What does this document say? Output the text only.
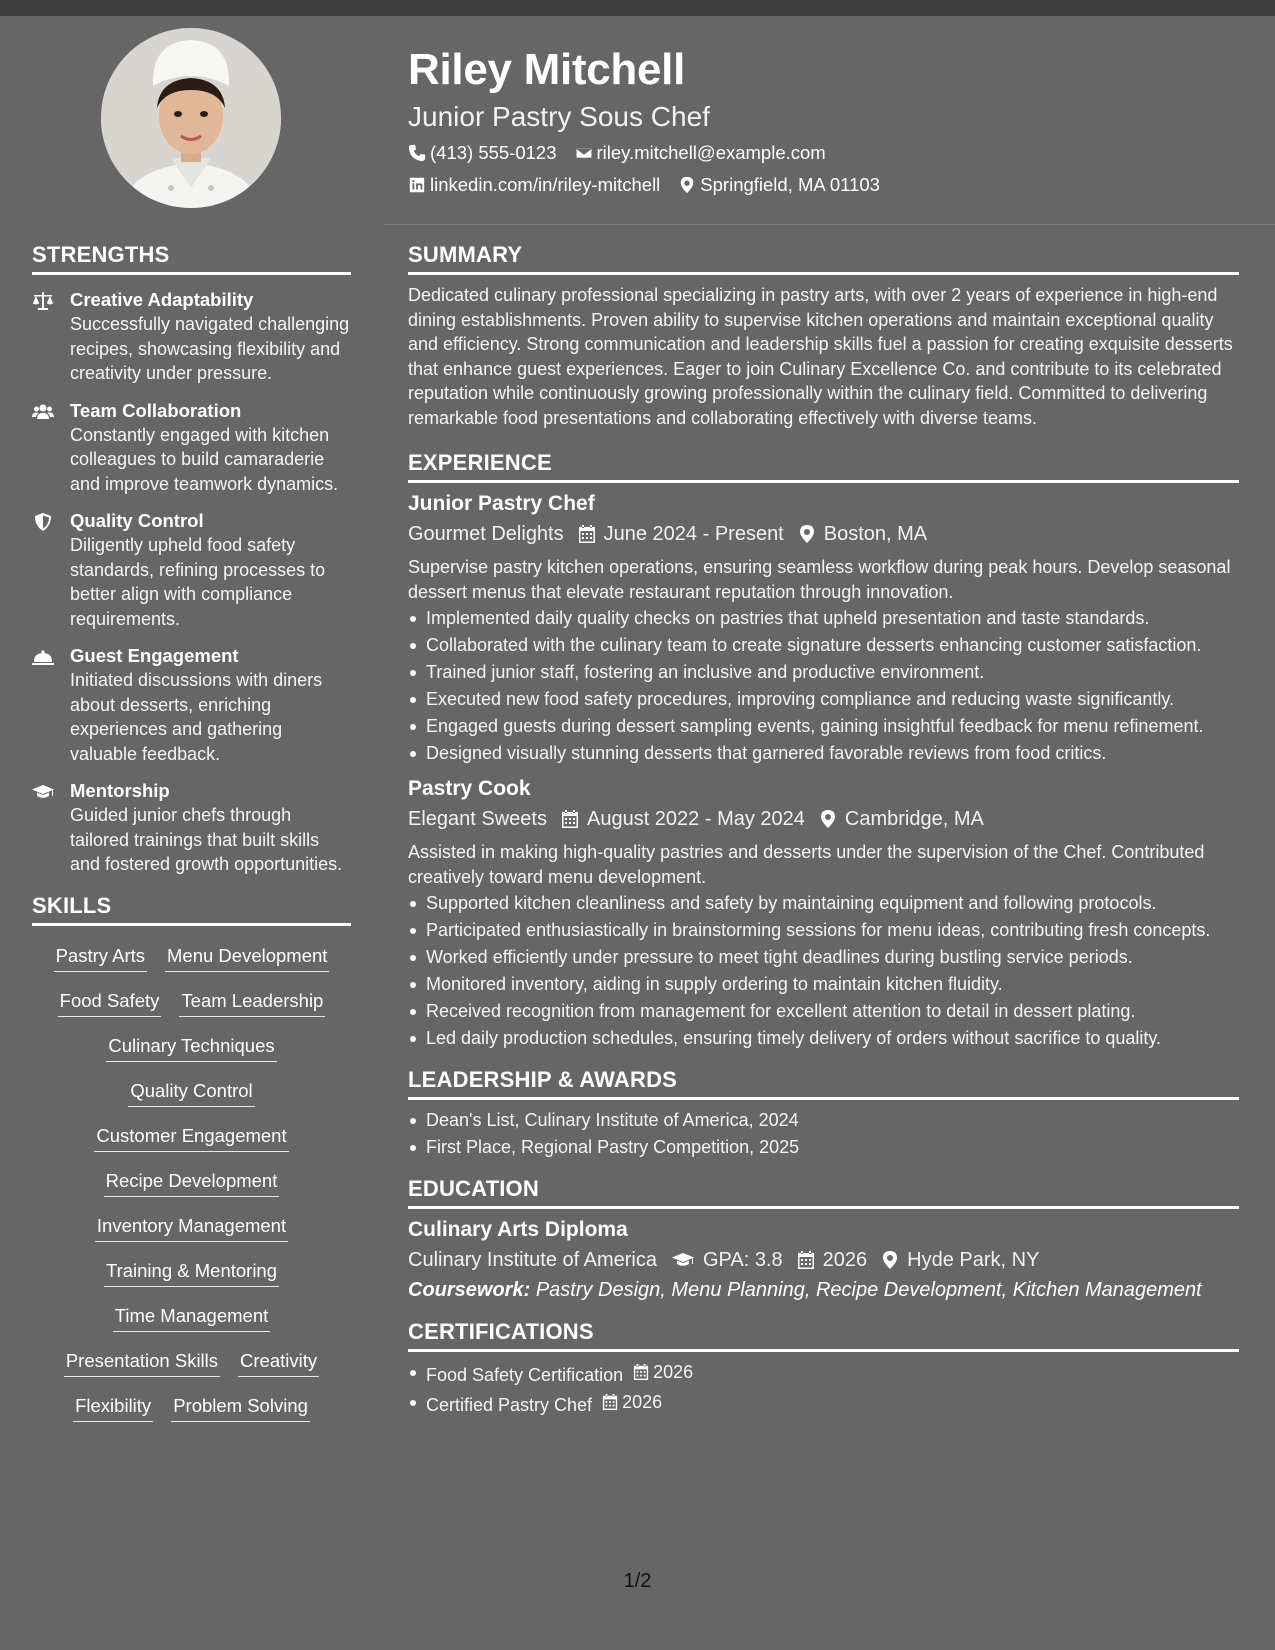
Riley Mitchell
Junior Pastry Sous Chef
(413) 555-0123 riley.mitchell@example.com
linkedin.com/in/riley-mitchell Springfield, MA 01103
STRENGTHS
Creative Adaptability
Successfully navigated challenging recipes, showcasing flexibility and creativity under pressure.
Team Collaboration
Constantly engaged with kitchen colleagues to build camaraderie and improve teamwork dynamics.
Quality Control
Diligently upheld food safety standards, refining processes to better align with compliance requirements.
Guest Engagement
Initiated discussions with diners about desserts, enriching experiences and gathering valuable feedback.
Mentorship
Guided junior chefs through tailored trainings that built skills and fostered growth opportunities.
SKILLS
Pastry Arts Menu Development
Food Safety Team Leadership
Culinary Techniques
Quality Control
Customer Engagement
Recipe Development
Inventory Management
Training & Mentoring
Time Management
Presentation Skills Creativity
Flexibility Problem Solving
SUMMARY
Dedicated culinary professional specializing in pastry arts, with over 2 years of experience in high-end dining establishments. Proven ability to supervise kitchen operations and maintain exceptional quality and efficiency. Strong communication and leadership skills fuel a passion for creating exquisite desserts that enhance guest experiences. Eager to join Culinary Excellence Co. and contribute to its celebrated reputation while continuously growing professionally within the culinary field. Committed to delivering remarkable food presentations and collaborating effectively with diverse teams.
EXPERIENCE
Junior Pastry Chef
Gourmet Delights June 2024 - Present Boston, MA
Supervise pastry kitchen operations, ensuring seamless workflow during peak hours. Develop seasonal dessert menus that elevate restaurant reputation through innovation.
Implemented daily quality checks on pastries that upheld presentation and taste standards.
Collaborated with the culinary team to create signature desserts enhancing customer satisfaction.
Trained junior staff, fostering an inclusive and productive environment.
Executed new food safety procedures, improving compliance and reducing waste significantly.
Engaged guests during dessert sampling events, gaining insightful feedback for menu refinement.
Designed visually stunning desserts that garnered favorable reviews from food critics.
Pastry Cook
Elegant Sweets August 2022 - May 2024 Cambridge, MA
Assisted in making high-quality pastries and desserts under the supervision of the Chef. Contributed creatively toward menu development.
Supported kitchen cleanliness and safety by maintaining equipment and following protocols.
Participated enthusiastically in brainstorming sessions for menu ideas, contributing fresh concepts.
Worked efficiently under pressure to meet tight deadlines during bustling service periods.
Monitored inventory, aiding in supply ordering to maintain kitchen fluidity.
Received recognition from management for excellent attention to detail in dessert plating.
Led daily production schedules, ensuring timely delivery of orders without sacrifice to quality.
LEADERSHIP & AWARDS
Dean's List, Culinary Institute of America, 2024
First Place, Regional Pastry Competition, 2025
EDUCATION
Culinary Arts Diploma
Culinary Institute of America GPA: 3.8 2026 Hyde Park, NY
Coursework: Pastry Design, Menu Planning, Recipe Development, Kitchen Management
CERTIFICATIONS
Food Safety Certification 2026
Certified Pastry Chef 2026
1/2
